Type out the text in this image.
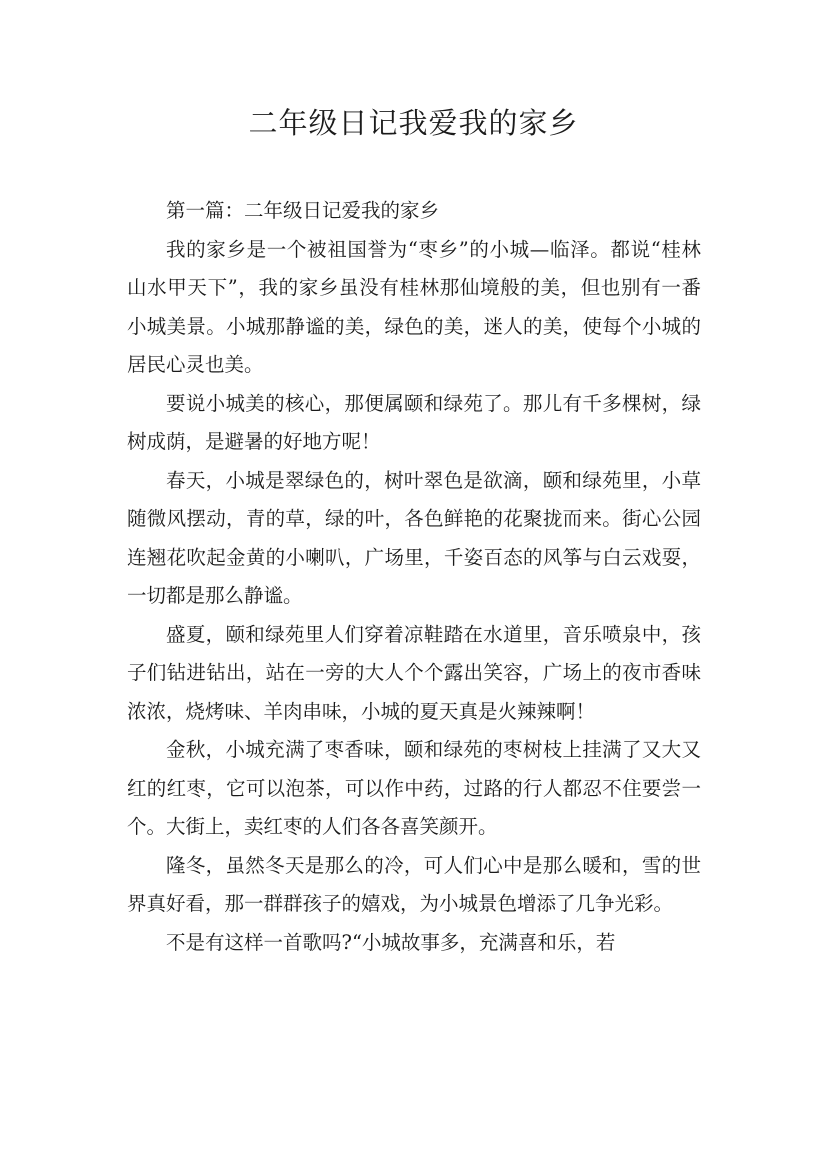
二年级日记我爱我的家乡

第一篇：二年级日记爱我的家乡

我的家乡是一个被祖国誉为“枣乡”的小城—临泽。都说“桂林山水甲天下”，我的家乡虽没有桂林那仙境般的美，但也别有一番小城美景。小城那静谧的美，绿色的美，迷人的美，使每个小城的居民心灵也美。

要说小城美的核心，那便属颐和绿苑了。那儿有千多棵树，绿树成荫，是避暑的好地方呢！

春天，小城是翠绿色的，树叶翠色是欲滴，颐和绿苑里，小草随微风摆动，青的草，绿的叶，各色鲜艳的花聚拢而来。街心公园连翘花吹起金黄的小喇叭，广场里，千姿百态的风筝与白云戏耍，一切都是那么静谧。

盛夏，颐和绿苑里人们穿着凉鞋踏在水道里，音乐喷泉中，孩子们钻进钻出，站在一旁的大人个个露出笑容，广场上的夜市香味浓浓，烧烤味、羊肉串味，小城的夏天真是火辣辣啊！

金秋，小城充满了枣香味，颐和绿苑的枣树枝上挂满了又大又红的红枣，它可以泡茶，可以作中药，过路的行人都忍不住要尝一个。大街上，卖红枣的人们各各喜笑颜开。

隆冬，虽然冬天是那么的冷，可人们心中是那么暖和，雪的世界真好看，那一群群孩子的嬉戏，为小城景色增添了几争光彩。

不是有这样一首歌吗?“小城故事多，充满喜和乐，若
